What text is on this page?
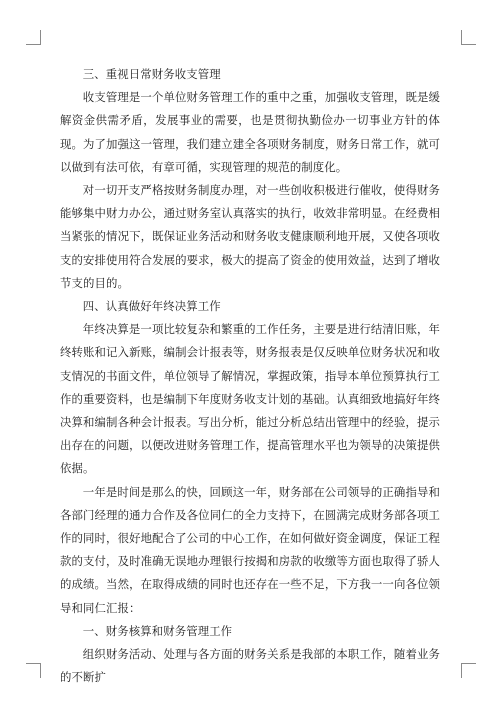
三、重视日常财务收支管理

收支管理是一个单位财务管理工作的重中之重，加强收支管理，既是缓解资金供需矛盾，发展事业的需要，也是贯彻执勤俭办一切事业方针的体现。为了加强这一管理，我们建立建全各项财务制度，财务日常工作，就可以做到有法可依，有章可循，实现管理的规范的制度化。

对一切开支严格按财务制度办理，对一些创收积极进行催收，使得财务能够集中财力办公，通过财务室认真落实的执行，收效非常明显。在经费相当紧张的情况下，既保证业务活动和财务收支健康顺利地开展，又使各项收支的安排使用符合发展的要求，极大的提高了资金的使用效益，达到了增收节支的目的。

四、认真做好年终决算工作

年终决算是一项比较复杂和繁重的工作任务，主要是进行结清旧账，年终转账和记入新账，编制会计报表等，财务报表是仅反映单位财务状况和收支情况的书面文件，单位领导了解情况，掌握政策，指导本单位预算执行工作的重要资料，也是编制下年度财务收支计划的基础。认真细致地搞好年终决算和编制各种会计报表。写出分析，能过分析总结出管理中的经验，提示出存在的问题，以便改进财务管理工作，提高管理水平也为领导的决策提供依据。

一年是时间是那么的快，回顾这一年，财务部在公司领导的正确指导和各部门经理的通力合作及各位同仁的全力支持下，在圆满完成财务部各项工作的同时，很好地配合了公司的中心工作，在如何做好资金调度，保证工程款的支付，及时准确无误地办理银行按揭和房款的收缴等方面也取得了骄人的成绩。当然，在取得成绩的同时也还存在一些不足，下方我一一向各位领导和同仁汇报：

一、财务核算和财务管理工作

组织财务活动、处理与各方面的财务关系是我部的本职工作，随着业务的不断扩
